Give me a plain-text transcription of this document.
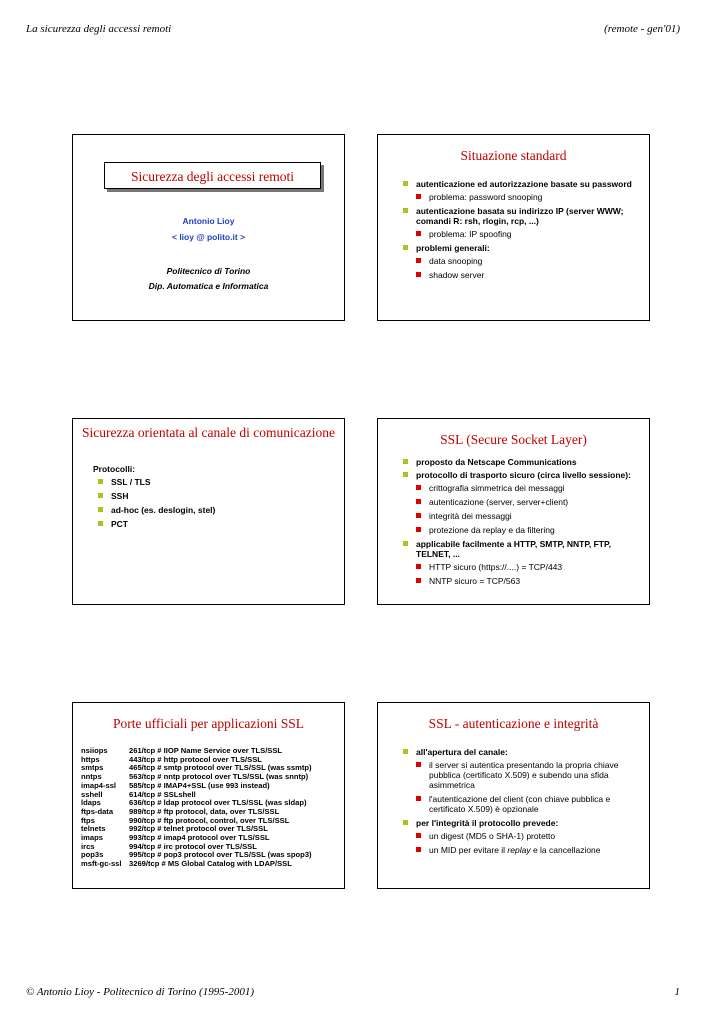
La sicurezza degli accessi remoti	(remote - gen'01)
Sicurezza degli accessi remoti
Antonio Lioy
< lioy @ polito.it >
Politecnico di Torino
Dip. Automatica e Informatica
Situazione standard
autenticazione ed autorizzazione basate su password
problema: password snooping
autenticazione basata su indirizzo IP (server WWW; comandi R: rsh, rlogin, rcp, ...)
problema: IP spoofing
problemi generali:
data snooping
shadow server
Sicurezza orientata al canale di comunicazione
Protocolli:
SSL / TLS
SSH
ad-hoc (es. deslogin, stel)
PCT
SSL (Secure Socket Layer)
proposto da Netscape Communications
protocollo di trasporto sicuro (circa livello sessione):
crittografia simmetrica dei messaggi
autenticazione (server, server+client)
integrità dei messaggi
protezione da replay e da filtering
applicabile facilmente a HTTP, SMTP, NNTP, FTP, TELNET, ...
HTTP sicuro (https://....) = TCP/443
NNTP sicuro = TCP/563
Porte ufficiali per applicazioni SSL
nsiiops	261/tcp # IIOP Name Service over TLS/SSL
https	443/tcp # http protocol over TLS/SSL
smtps	465/tcp # smtp protocol over TLS/SSL (was ssmtp)
nntps	563/tcp # nntp protocol over TLS/SSL (was snntp)
imap4-ssl	585/tcp # IMAP4+SSL (use 993 instead)
sshell	614/tcp # SSLshell
ldaps	636/tcp # ldap protocol over TLS/SSL (was sldap)
ftps-data	989/tcp # ftp protocol, data, over TLS/SSL
ftps	990/tcp # ftp protocol, control, over TLS/SSL
telnets	992/tcp # telnet protocol over TLS/SSL
imaps	993/tcp # imap4 protocol over TLS/SSL
ircs	994/tcp # irc protocol over TLS/SSL
pop3s	995/tcp # pop3 protocol over TLS/SSL (was spop3)
msft-gc-ssl	3269/tcp # MS Global Catalog with LDAP/SSL
SSL - autenticazione e integrità
all'apertura del canale:
il server si autentica presentando la propria chiave pubblica (certificato X.509) e subendo una sfida asimmetrica
l'autenticazione del client (con chiave pubblica e certificato X.509) è opzionale
per l'integrità il protocollo prevede:
un digest (MD5 o SHA-1) protetto
un MID per evitare il replay e la cancellazione
© Antonio Lioy - Politecnico di Torino (1995-2001)	1
